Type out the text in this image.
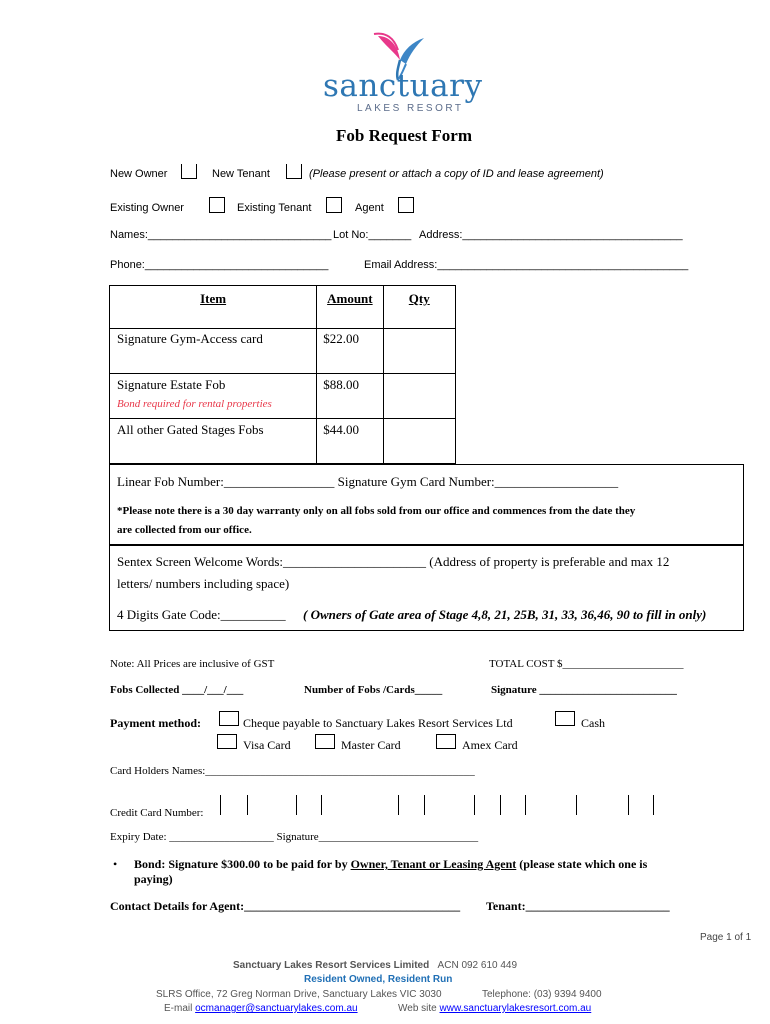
sanctuary
LAKES RESORT
Fob Request Form
New Owner	New Tenant	(Please present or attach a copy of ID and lease agreement)
Existing Owner	Existing Tenant	Agent
Names:______________________________ Lot No:_______ Address:____________________________________
Phone:______________________________	Email Address:_________________________________________
Item	Amount	Qty
Signature Gym-Access card	$22.00	

Signature Estate Fob
Bond required for rental properties	$88.00	
All other Gated Stages Fobs	$44.00	
Linear Fob Number:_________________ Signature Gym Card Number:___________________
*Please note there is a 30 day warranty only on all fobs sold from our office and commences from the date they
are collected from our office.
Sentex Screen Welcome Words:______________________ (Address of property is preferable and max 12
letters/ numbers including space)
4 Digits Gate Code:__________ ( Owners of Gate area of Stage 4,8, 21, 25B, 31, 33, 36,46, 90 to fill in only)
Note: All Prices are inclusive of GST	TOTAL COST $______________________
Fobs Collected ____/___/___	Number of Fobs /Cards_____	Signature _________________________
Payment method:	Cheque payable to Sanctuary Lakes Resort Services Ltd	Cash
Visa Card	Master Card	Amex Card
Card Holders Names:_________________________________________________
Credit Card Number:
Expiry Date: ___________________ Signature_____________________________
• Bond: Signature $300.00 to be paid for by Owner, Tenant or Leasing Agent (please state which one is
paying)
Contact Details for Agent:____________________________________ Tenant:________________________
Page 1 of 1
Sanctuary Lakes Resort Services Limited ACN 092 610 449
Resident Owned, Resident Run
SLRS Office, 72 Greg Norman Drive, Sanctuary Lakes VIC 3030	Telephone: (03) 9394 9400
E-mail ocmanager@sanctuarylakes.com.au	Web site www.sanctuarylakesresort.com.au
